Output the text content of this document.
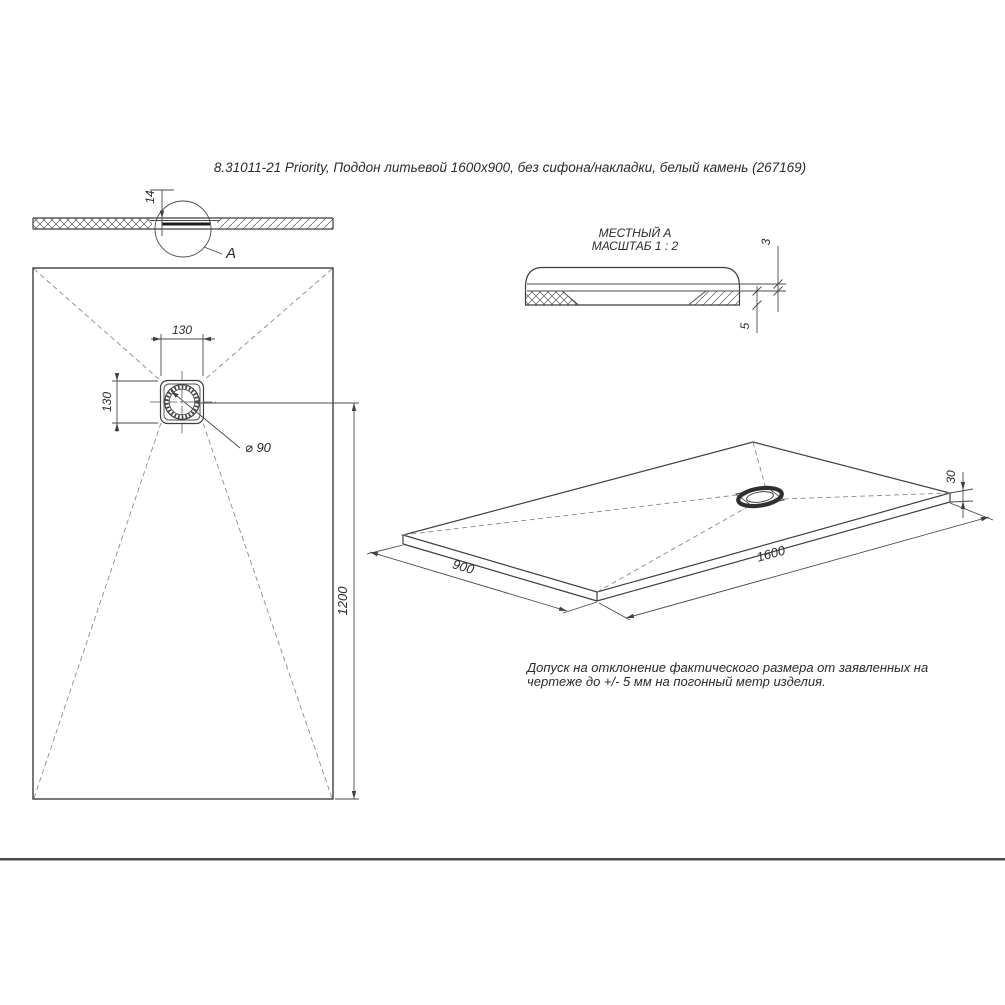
8.31011-21 Priority, Поддон литьевой 1600x900, без сифона/накладки, белый камень (267169)
A
14
МЕСТНЫЙ А
МАСШТАБ 1 : 2	3
5
130
130
⌀ 90
1200
900
1600
30
Допуск на отклонение фактического размера от заявленных на
чертеже до +/- 5 мм на погонный метр изделия.
